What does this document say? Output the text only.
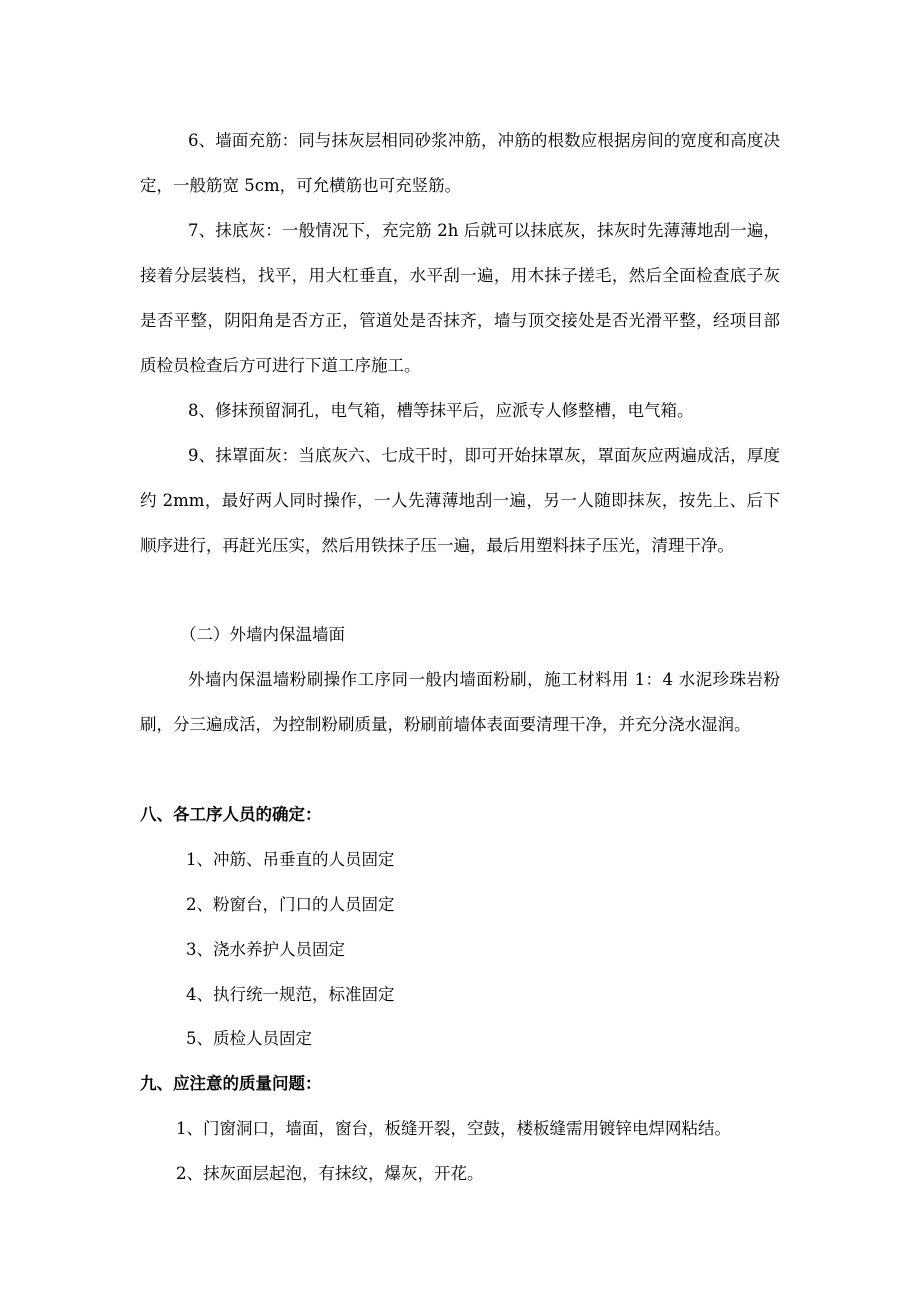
6、墙面充筋：同与抹灰层相同砂浆冲筋，冲筋的根数应根据房间的宽度和高度决定，一般筋宽 5cm，可允横筋也可充竖筋。

7、抹底灰：一般情况下，充完筋 2h 后就可以抹底灰，抹灰时先薄薄地刮一遍，接着分层装档，找平，用大杠垂直，水平刮一遍，用木抹子搓毛，然后全面检查底子灰是否平整，阴阳角是否方正，管道处是否抹齐，墙与顶交接处是否光滑平整，经项目部质检员检查后方可进行下道工序施工。

8、修抹预留洞孔，电气箱，槽等抹平后，应派专人修整槽，电气箱。

9、抹罩面灰：当底灰六、七成干时，即可开始抹罩灰，罩面灰应两遍成活，厚度约 2mm，最好两人同时操作，一人先薄薄地刮一遍，另一人随即抹灰，按先上、后下顺序进行，再赶光压实，然后用铁抹子压一遍，最后用塑料抹子压光，清理干净。

（二）外墙内保温墙面

外墙内保温墙粉刷操作工序同一般内墙面粉刷，施工材料用 1：4 水泥珍珠岩粉刷，分三遍成活，为控制粉刷质量，粉刷前墙体表面要清理干净，并充分浇水湿润。

八、各工序人员的确定：

1、冲筋、吊垂直的人员固定

2、粉窗台，门口的人员固定

3、浇水养护人员固定

4、执行统一规范，标准固定

5、质检人员固定

九、应注意的质量问题：

1、门窗洞口，墙面，窗台，板缝开裂，空鼓，楼板缝需用镀锌电焊网粘结。

2、抹灰面层起泡，有抹纹，爆灰，开花。
